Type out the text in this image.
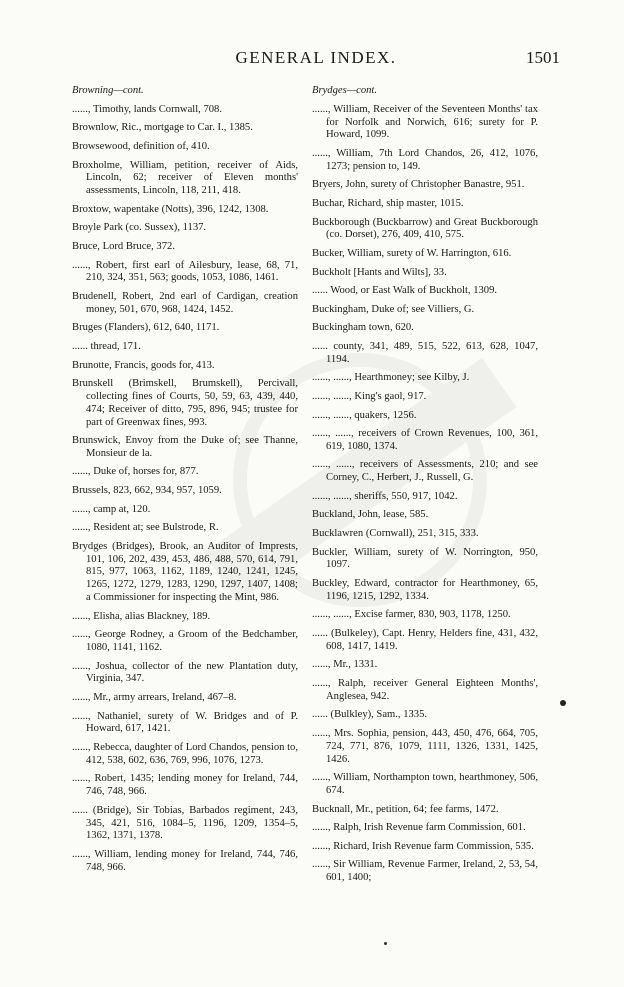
GENERAL INDEX.	1501
Browning—cont.
......, Timothy, lands Cornwall, 708.
Brownlow, Ric., mortgage to Car. I., 1385.
Browsewood, definition of, 410.
Broxholme, William, petition, receiver of Aids, Lincoln, 62; receiver of Eleven months' assessments, Lincoln, 118, 211, 418.
Broxtow, wapentake (Notts), 396, 1242, 1308.
Broyle Park (co. Sussex), 1137.
Bruce, Lord Bruce, 372.
......, Robert, first earl of Ailesbury, lease, 68, 71, 210, 324, 351, 563; goods, 1053, 1086, 1461.
Brudenell, Robert, 2nd earl of Cardigan, creation money, 501, 670, 968, 1424, 1452.
Bruges (Flanders), 612, 640, 1171.
...... thread, 171.
Brunotte, Francis, goods for, 413.
Brunskell (Brimskell, Brumskell), Percivall, collecting fines of Courts, 50, 59, 63, 439, 440, 474; Receiver of ditto, 795, 896, 945; trustee for part of Greenwax fines, 993.
Brunswick, Envoy from the Duke of; see Thanne, Monsieur de la.
......, Duke of, horses for, 877.
Brussels, 823, 662, 934, 957, 1059.
......, camp at, 120.
......, Resident at; see Bulstrode, R.
Brydges (Bridges), Brook, an Auditor of Imprests, 101, 106, 202, 439, 453, 486, 488, 570, 614, 791, 815, 977, 1063, 1162, 1189, 1240, 1241, 1245, 1265, 1272, 1279, 1283, 1290, 1297, 1407, 1408; a Commissioner for inspecting the Mint, 986.
......, Elisha, alias Blackney, 189.
......, George Rodney, a Groom of the Bedchamber, 1080, 1141, 1162.
......, Joshua, collector of the new Plantation duty, Virginia, 347.
......, Mr., army arrears, Ireland, 467–8.
......, Nathaniel, surety of W. Bridges and of P. Howard, 617, 1421.
......, Rebecca, daughter of Lord Chandos, pension to, 412, 538, 602, 636, 769, 996, 1076, 1273.
......, Robert, 1435; lending money for Ireland, 744, 746, 748, 966.
...... (Bridge), Sir Tobias, Barbados regiment, 243, 345, 421, 516, 1084–5, 1196, 1209, 1354–5, 1362, 1371, 1378.
......, William, lending money for Ireland, 744, 746, 748, 966.
Brydges—cont.
......, William, Receiver of the Seventeen Months' tax for Norfolk and Norwich, 616; surety for P. Howard, 1099.
......, William, 7th Lord Chandos, 26, 412, 1076, 1273; pension to, 149.
Bryers, John, surety of Christopher Banastre, 951.
Buchar, Richard, ship master, 1015.
Buckborough (Buckbarrow) and Great Buckborough (co. Dorset), 276, 409, 410, 575.
Bucker, William, surety of W. Harrington, 616.
Buckholt [Hants and Wilts], 33.
...... Wood, or East Walk of Buckholt, 1309.
Buckingham, Duke of; see Villiers, G.
Buckingham town, 620.
...... county, 341, 489, 515, 522, 613, 628, 1047, 1194.
......, ......, Hearthmoney; see Kilby, J.
......, ......, King's gaol, 917.
......, ......, quakers, 1256.
......, ......, receivers of Crown Revenues, 100, 361, 619, 1080, 1374.
......, ......, receivers of Assessments, 210; and see Corney, C., Herbert, J., Russell, G.
......, ......, sheriffs, 550, 917, 1042.
Buckland, John, lease, 585.
Bucklawren (Cornwall), 251, 315, 333.
Buckler, William, surety of W. Norrington, 950, 1097.
Buckley, Edward, contractor for Hearthmoney, 65, 1196, 1215, 1292, 1334.
......, ......, Excise farmer, 830, 903, 1178, 1250.
...... (Bulkeley), Capt. Henry, Helders fine, 431, 432, 608, 1417, 1419.
......, Mr., 1331.
......, Ralph, receiver General Eighteen Months', Anglesea, 942.
...... (Bulkley), Sam., 1335.
......, Mrs. Sophia, pension, 443, 450, 476, 664, 705, 724, 771, 876, 1079, 1111, 1326, 1331, 1425, 1426.
......, William, Northampton town, hearthmoney, 506, 674.
Bucknall, Mr., petition, 64; fee farms, 1472.
......, Ralph, Irish Revenue farm Commission, 601.
......, Richard, Irish Revenue farm Commission, 535.
......, Sir William, Revenue Farmer, Ireland, 2, 53, 54, 601, 1400;
